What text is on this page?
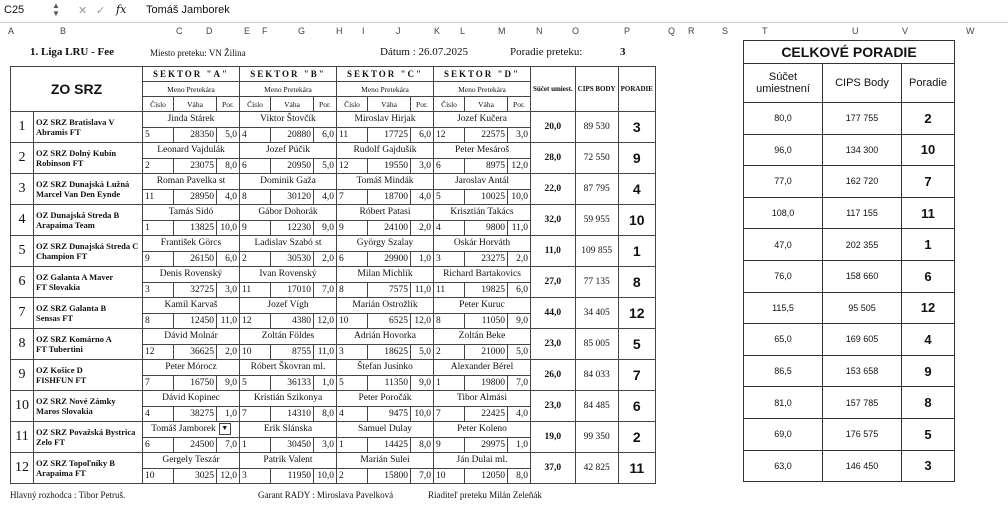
C25	▲
▼ ✕ ✓ fx Tomáš Jamborek
A	B	C	D	E F	G	H I	J	K L	M	N	O	P	Q R	S	T	U	V	W
1. Liga LRU - Fee	Miesto preteku: VN Žilina	Dátum : 26.07.2025	Poradie preteku:	3
ZO SRZ		SEKTOR "A"			SEKTOR "B"			SEKTOR "C"			SEKTOR "D"			Súčet umiest.	CIPS BODY	PORADIE
		Meno Pretekára			Meno Pretekára			Meno Pretekára			Meno Pretekára					
		Číslo	Váha	Por.	Číslo	Váha	Por.	Číslo	Váha	Por.	Číslo	Váha	Por.			
1	OZ SRZ Bratislava V
Abramis FT	Jinda Stárek			Viktor Štovčík			Miroslav Hirjak			Jozef Kučera			20,0	89 530	3
		5	28350	5,0	4	20880	6,0	11	17725	6,0	12	22575	3,0			
2	OZ SRZ Dolný Kubín
Robinson FT	Leonard Vajdulák			Jozef Púčik			Rudolf Gajdušík			Peter Mesároš			28,0	72 550	9
		2	23075	8,0	6	20950	5,0	12	19550	3,0	6	8975	12,0			
3	OZ SRZ Dunajská Lužná
Marcel Van Den Eynde	Roman Pavelka st			Dominik Gaža			Tomáš Mindák			Jaroslav Antál			22,0	87 795	4
		11	28950	4,0	8	30120	4,0	7	18700	4,0	5	10025	10,0			
4	OZ Dunajská Streda B
Arapaima Team	Tamás Sidó			Gábor Dohorák			Róbert Patasi			Krisztián Takács			32,0	59 955	10
		1	13825	10,0	9	12230	9,0	9	24100	2,0	4	9800	11,0			
5	OZ SRZ Dunajská Streda C
Champion FT	František Görcs			Ladislav Szabó st			György Szalay			Oskár Horváth			11,0	109 855	1
		9	26150	6,0	2	30530	2,0	6	29900	1,0	3	23275	2,0			
6	OZ Galanta A Maver
FT Slovakia	Denis Rovenský			Ivan Rovenský			Milan Michlík			Richard Bartakovics			27,0	77 135	8
		3	32725	3,0	11	17010	7,0	8	7575	11,0	11	19825	6,0			
7	OZ SRZ Galanta B
Sensas FT	Kamil Karvaš			Jozef Vígh			Marián Ostrožlík			Peter Kuruc			44,0	34 405	12
		8	12450	11,0	12	4380	12,0	10	6525	12,0	8	11050	9,0			
8	OZ SRZ Komárno A
FT Tubertini	Dávid Molnár			Zoltán Földes			Adrián Hovorka			Zoltán Beke			23,0	85 005	5
		12	36625	2,0	10	8755	11,0	3	18625	5,0	2	21000	5,0			
9	OZ Košice D
FISHFUN FT	Peter Mórocz			Róbert Škovran ml.			Štefan Jusinko			Alexander Bérel			26,0	84 033	7
		7	16750	9,0	5	36133	1,0	5	11350	9,0	1	19800	7,0			
10	OZ SRZ Nové Zámky
Maros Slovakia	Dávid Kopinec			Kristián Szikonya			Peter Poročák			Tibor Almási			23,0	84 485	6
		4	38275	1,0	7	14310	8,0	4	9475	10,0	7	22425	4,0			
11	OZ SRZ Považská Bystrica
Zelo FT	Tomáš Jamborek ▼			Erik Slánska			Samuel Dulay			Peter Koleno			19,0	99 350	2
		6	24500	7,0	1	30450	3,0	1	14425	8,0	9	29975	1,0			
12	OZ SRZ Topoľníky B
Arapaima FT	Gergely Teszár			Patrik Valent			Marián Sulei			Ján Dulai ml.			37,0	42 825	11
		10	3025	12,0	3	11950	10,0	2	15800	7,0	10	12050	8,0			
CELKOVÉ PORADIE		
Súčet umiestnení	CIPS Body	Poradie
80,0	177 755	2
96,0	134 300	10
77,0	162 720	7
108,0	117 155	11
47,0	202 355	1
76,0	158 660	6
115,5	95 505	12
65,0	169 605	4
86,5	153 658	9
81,0	157 785	8
69,0	176 575	5
63,0	146 450	3
Hlavný rozhodca : Tibor Petruš.	Garant RADY : Miroslava Pavelková	Riaditeľ preteku Milán Zeleňák
